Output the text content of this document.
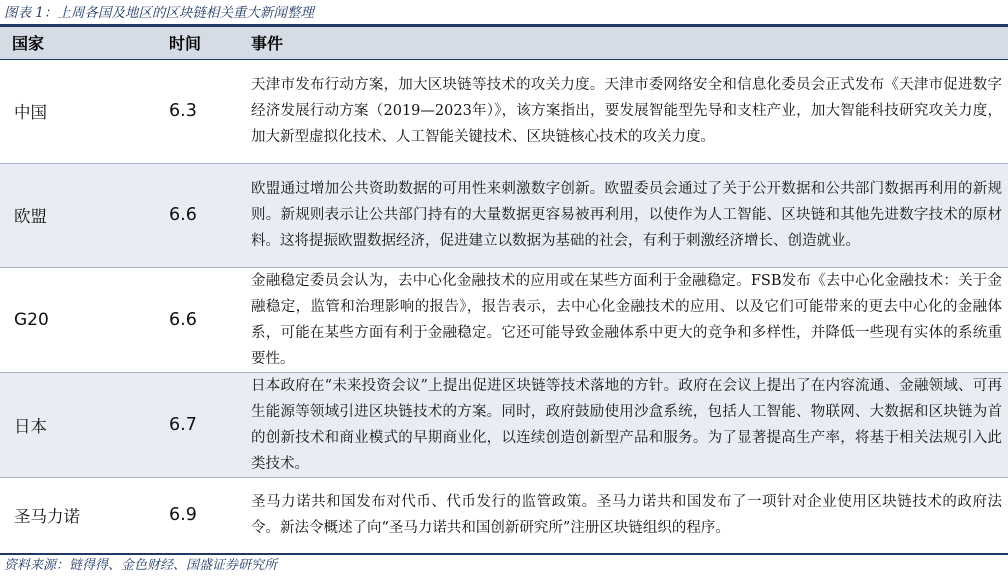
图表 1：上周各国及地区的区块链相关重大新闻整理
国家	时间	事件
中国	6.3	天津市发布行动方案，加大区块链等技术的攻关力度。天津市委网络安全和信息化委员会正式发布《天津市促进数字经济发展行动方案（2019—2023年）》，该方案指出，要发展智能型先导和支柱产业，加大智能科技研究攻关力度，加大新型虚拟化技术、人工智能关键技术、区块链核心技术的攻关力度。
欧盟	6.6	欧盟通过增加公共资助数据的可用性来刺激数字创新。欧盟委员会通过了关于公开数据和公共部门数据再利用的新规则。新规则表示让公共部门持有的大量数据更容易被再利用，以使作为人工智能、区块链和其他先进数字技术的原材料。这将提振欧盟数据经济，促进建立以数据为基础的社会，有利于刺激经济增长、创造就业。
G20	6.6	金融稳定委员会认为，去中心化金融技术的应用或在某些方面利于金融稳定。FSB发布《去中心化金融技术：关于金融稳定，监管和治理影响的报告》，报告表示，去中心化金融技术的应用、以及它们可能带来的更去中心化的金融体系，可能在某些方面有利于金融稳定。它还可能导致金融体系中更大的竞争和多样性，并降低一些现有实体的系统重要性。
日本	6.7	日本政府在“未来投资会议”上提出促进区块链等技术落地的方针。政府在会议上提出了在内容流通、金融领域、可再生能源等领域引进区块链技术的方案。同时，政府鼓励使用沙盒系统，包括人工智能、物联网、大数据和区块链为首的创新技术和商业模式的早期商业化，以连续创造创新型产品和服务。为了显著提高生产率，将基于相关法规引入此类技术。
圣马力诺	6.9	圣马力诺共和国发布对代币、代币发行的监管政策。圣马力诺共和国发布了一项针对企业使用区块链技术的政府法令。新法令概述了向“圣马力诺共和国创新研究所”注册区块链组织的程序。
资料来源：链得得、金色财经、国盛证券研究所
